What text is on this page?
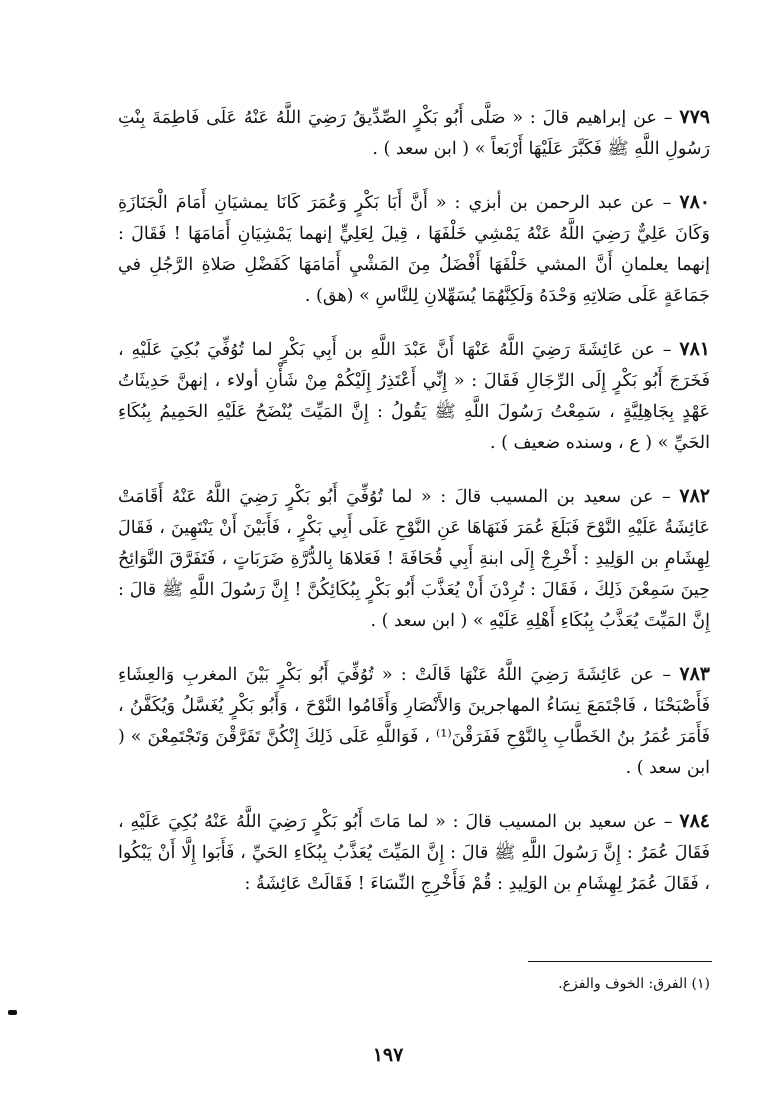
٧٧٩ – عن إبراهيم قالَ : « صَلَّى أَبُو بَكْرٍ الصِّدِّيقُ رَضِيَ اللَّهُ عَنْهُ عَلَى فَاطِمَةَ بِنْتِ رَسُولِ اللَّهِ ﷺ فَكَبَّرَ عَلَيْهَا أَرْبَعاً » ( ابن سعد ) .

٧٨٠ – عن عبد الرحمن بن أبزي : « أَنَّ أَبَا بَكْرٍ وَعُمَرَ كَانَا يمشيَانِ أَمَامَ الْجَنَازَةِ وَكَانَ عَلِيٌّ رَضِيَ اللَّهُ عَنْهُ يَمْشِي خَلْفَهَا ، قِيلَ لِعَلِيٍّ إنهما يَمْشِيَانِ أَمَامَهَا ! فَقَالَ : إنهما يعلمانِ أَنَّ المشي خَلْفَهَا أَفْضَلُ مِنَ المَشْيِ أَمَامَهَا كَفَضْلِ صَلاةِ الرَّجُلِ في جَمَاعَةٍ عَلَى صَلاتِهِ وَحْدَهُ وَلَكِنَّهُمَا يُسَهِّلانِ لِلنَّاسِ » (هق) .

٧٨١ – عن عَائِشَةَ رَضِيَ اللَّهُ عَنْهَا أَنَّ عَبْدَ اللَّهِ بن أَبِي بَكْرٍ لما تُوُفِّيَ بُكِيَ عَلَيْهِ ، فَخَرَجَ أَبُو بَكْرٍ إِلَى الرِّجَالِ فَقَالَ : « إِنِّي أَعْتَذِرُ إِلَيْكُمْ مِنْ شَأْنِ أولاء ، إنهنَّ حَدِيثَاتُ عَهْدٍ بِجَاهِلِيَّةٍ ، سَمِعْتُ رَسُولَ اللَّهِ ﷺ يَقُولُ : إِنَّ المَيِّتَ يُنْضَحُ عَلَيْهِ الحَمِيمُ بِبُكَاءِ الحَيِّ » ( ع ، وسنده ضعيف ) .

٧٨٢ – عن سعيد بن المسيب قالَ : « لما تُوُفِّيَ أَبُو بَكْرٍ رَضِيَ اللَّهُ عَنْهُ أَقَامَتْ عَائِشَةُ عَلَيْهِ النَّوْحَ فَبَلَغَ عُمَرَ فَنَهَاهَا عَنِ النَّوْحِ عَلَى أَبِي بَكْرٍ ، فَأَبَيْنَ أَنْ يَنْتَهِينَ ، فَقَالَ لِهِشَامِ بن الوَلِيدِ : أَخْرِجْ إِلَى ابنةِ أَبِي قُحَافَةَ ! فَعَلاهَا بِالدُّرَّةِ ضَرَبَاتٍ ، فَتَفَرَّقَ النَّوَائِحُ حِينَ سَمِعْنَ ذَلِكَ ، فَقَالَ : تُرِدْنَ أَنْ يُعَذَّبَ أَبُو بَكْرٍ بِبُكَائِكُنَّ ! إِنَّ رَسُولَ اللَّهِ ﷺ قالَ : إِنَّ المَيِّتَ يُعَذَّبُ بِبُكَاءِ أَهْلِهِ عَلَيْهِ » ( ابن سعد ) .

٧٨٣ – عن عَائِشَةَ رَضِيَ اللَّهُ عَنْهَا قَالَتْ : « تُوُفِّيَ أَبُو بَكْرٍ بَيْنَ المغربِ وَالعِشَاءِ فَأَصْبَحْنَا ، فَاجْتَمَعَ نِسَاءُ المهاجرينَ وَالأَنْصَارِ وَأَقَامُوا النَّوْحَ ، وَأَبُو بَكْرٍ يُغَسَّلُ وَيُكَفَّنُ ، فَأَمَرَ عُمَرُ بنُ الخَطَّابِ بِالنَّوْحِ فَفَرَقْنَ⁽¹⁾ ، فَوَاللَّهِ عَلَى ذَلِكَ إِنْكُنَّ تَفَرَّقْنَ وَتَجْتَمِعْنَ » ( ابن سعد ) .

٧٨٤ – عن سعيد بن المسيب قالَ : « لما مَاتَ أَبُو بَكْرٍ رَضِيَ اللَّهُ عَنْهُ بُكِيَ عَلَيْهِ ، فَقَالَ عُمَرُ : إِنَّ رَسُولَ اللَّهِ ﷺ قالَ : إِنَّ المَيِّتَ يُعَذَّبُ بِبُكَاءِ الحَيِّ ، فَأَبَوا إِلَّا أَنْ يَبْكُوا ، فَقَالَ عُمَرُ لِهِشَامِ بن الوَلِيدِ : قُمْ فَأَخْرِجِ النِّسَاءَ ! فَقَالَتْ عَائِشَةُ :

(١) الفرق: الخوف والفزع.
١٩٧
